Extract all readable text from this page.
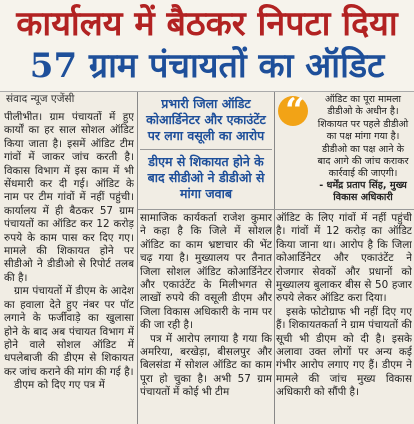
कार्यालय में बैठकर निपटा दिया
57 ग्राम पंचायतों का ऑडिट
संवाद न्यूज एजेंसी

पीलीभीत। ग्राम पंचायतों में हुए कार्यों का हर साल सोशल ऑडिट किया जाता है। इसमें ऑडिट टीम गांवों में जाकर जांच करती है। विकास विभाग में इस काम में भी सेंधमारी कर दी गई। ऑडिट के नाम पर टीम गांवों में नहीं पहुंची। कार्यालय में ही बैठकर 57 ग्राम पंचायतों का ऑडिट कर 12 करोड़ रुपये के काम पास कर दिए गए। मामले की शिकायत होने पर सीडीओ ने डीडीओ से रिपोर्ट तलब की है।

ग्राम पंचायतों में डीएम के आदेश का हवाला देते हुए नंबर पर पॉट लगाने के फर्जीवाड़े का खुलासा होने के बाद अब पंचायत विभाग में होने वाले सोशल ऑडिट में धपलेबाजी की डीएम से शिकायत कर जांच कराने की मांग की गई है।

डीएम को दिए गए पत्र में

प्रभारी जिला ऑडिट कोआर्डिनेटर और एकाउंटेंट पर लगा वसूली का आरोप
डीएम से शिकायत होने के बाद सीडीओ ने डीडीओ से मांगा जवाब
“
ऑडिट का पूरा मामला डीडीओ के अधीन है। शिकायत पर पहले डीडीओ का पक्ष मांगा गया है। डीडीओ का पक्ष आने के बाद आगे की जांच कराकर कार्रवाई की जाएगी।
- धर्मेंद्र प्रताप सिंह, मुख्य विकास अधिकारी

सामाजिक कार्यकर्ता राजेश कुमार ने कहा है कि जिले में सोशल ऑडिट का काम भ्रष्टाचार की भेंट चढ़ गया है। मुख्यालय पर तैनात जिला सोशल ऑडिट कोआर्डिनेटर और एकाउंटेंट के मिलीभगत से लाखों रुपये की वसूली डीएम और जिला विकास अधिकारी के नाम पर की जा रही है।

पत्र में आरोप लगाया है गया कि अमरिया, बरखेड़ा, बीसलपुर और बिलसंडा में सोशल ऑडिट का काम पूरा हो चुका है। अभी 57 ग्राम पंचायतों में कोई भी टीम

ऑडिट के लिए गांवों में नहीं पहुंची है। गांवों में 12 करोड़ का ऑडिट किया जाना था। आरोप है कि जिला कोआर्डिनेटर और एकाउंटेंट ने रोजगार सेवकों और प्रधानों को मुख्यालय बुलाकर बीस से 50 हजार रुपये लेकर ऑडिट करा दिया।

इसके फोटोग्राफ भी नहीं दिए गए हैं। शिकायतकर्ता ने ग्राम पंचायतों की सूची भी डीएम को दी है। इसके अलावा उक्त लोगों पर अन्य कई गंभीर आरोप लगाए गए हैं। डीएम ने मामले की जांच मुख्य विकास अधिकारी को सौंपी है।
